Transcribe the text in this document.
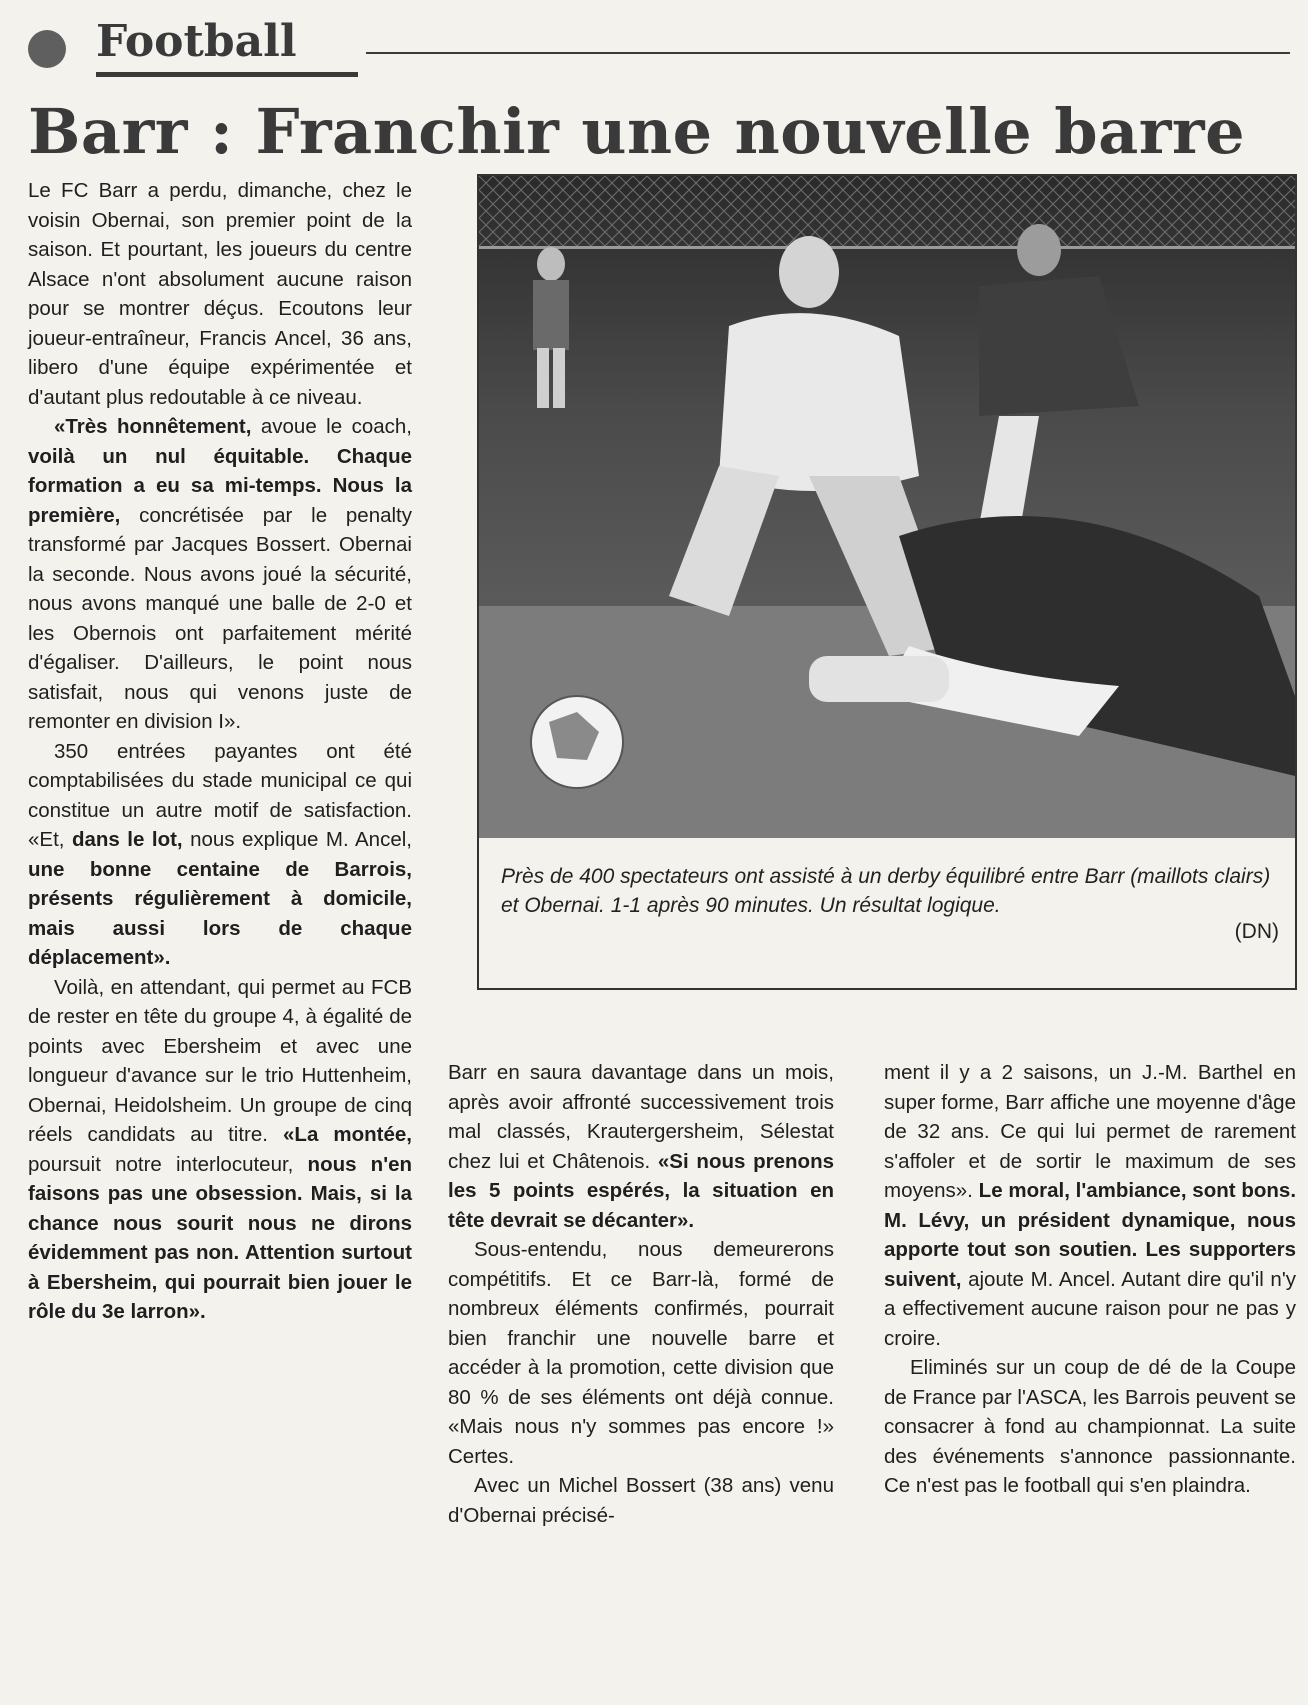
Football
Barr : Franchir une nouvelle barre

Le FC Barr a perdu, dimanche, chez le voisin Obernai, son premier point de la saison. Et pourtant, les joueurs du centre Alsace n'ont absolument aucune raison pour se montrer déçus. Ecoutons leur joueur-entraîneur, Francis Ancel, 36 ans, libero d'une équipe expérimentée et d'autant plus redoutable à ce niveau.

«Très honnêtement, avoue le coach, voilà un nul équitable. Chaque formation a eu sa mi-temps. Nous la première, concrétisée par le penalty transformé par Jacques Bossert. Obernai la seconde. Nous avons joué la sécurité, nous avons manqué une balle de 2-0 et les Obernois ont parfaitement mérité d'égaliser. D'ailleurs, le point nous satisfait, nous qui venons juste de remonter en division I».

350 entrées payantes ont été comptabilisées du stade municipal ce qui constitue un autre motif de satisfaction. «Et, dans le lot, nous explique M. Ancel, une bonne centaine de Barrois, présents régulièrement à domicile, mais aussi lors de chaque déplacement».

Voilà, en attendant, qui permet au FCB de rester en tête du groupe 4, à égalité de points avec Ebersheim et avec une longueur d'avance sur le trio Huttenheim, Obernai, Heidolsheim. Un groupe de cinq réels candidats au titre. «La montée, poursuit notre interlocuteur, nous n'en faisons pas une obsession. Mais, si la chance nous sourit nous ne dirons évidemment pas non. Attention surtout à Ebersheim, qui pourrait bien jouer le rôle du 3e larron».

Près de 400 spectateurs ont assisté à un derby équilibré entre Barr (maillots clairs) et Obernai. 1-1 après 90 minutes. Un résultat logique.
(DN)

Barr en saura davantage dans un mois, après avoir affronté successivement trois mal classés, Krautergersheim, Sélestat chez lui et Châtenois. «Si nous prenons les 5 points espérés, la situation en tête devrait se décanter».

Sous-entendu, nous demeurerons compétitifs. Et ce Barr-là, formé de nombreux éléments confirmés, pourrait bien franchir une nouvelle barre et accéder à la promotion, cette division que 80 % de ses éléments ont déjà connue. «Mais nous n'y sommes pas encore !» Certes.

Avec un Michel Bossert (38 ans) venu d'Obernai précisé-

ment il y a 2 saisons, un J.-M. Barthel en super forme, Barr affiche une moyenne d'âge de 32 ans. Ce qui lui permet de rarement s'affoler et de sortir le maximum de ses moyens». Le moral, l'ambiance, sont bons. M. Lévy, un président dynamique, nous apporte tout son soutien. Les supporters suivent, ajoute M. Ancel. Autant dire qu'il n'y a effectivement aucune raison pour ne pas y croire.

Eliminés sur un coup de dé de la Coupe de France par l'ASCA, les Barrois peuvent se consacrer à fond au championnat. La suite des événements s'annonce passionnante. Ce n'est pas le football qui s'en plaindra.
